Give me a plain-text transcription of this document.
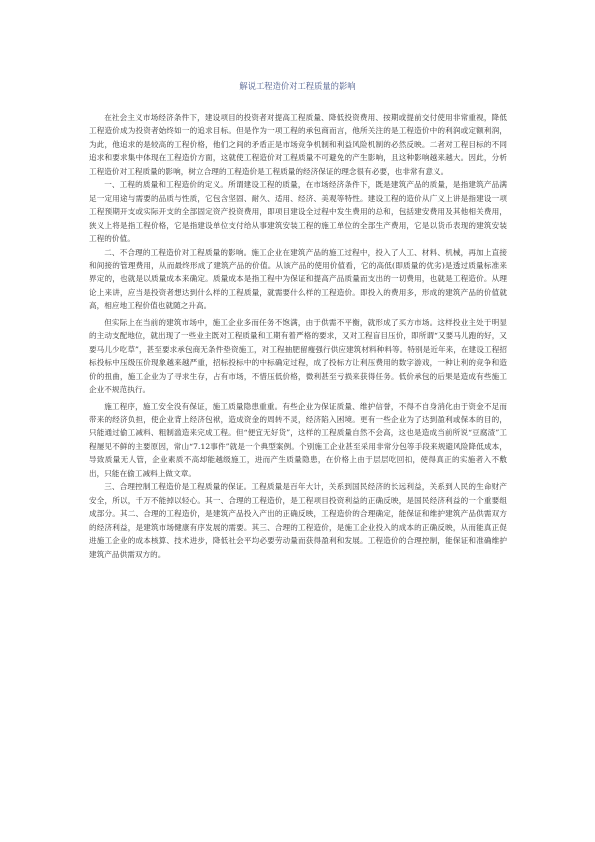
解说工程造价对工程质量的影响

在社会主义市场经济条件下，建设项目的投资者对提高工程质量、降低投资费用、按期或提前交付使用非常重视，降低工程造价成为投资者始终如一的追求目标。但是作为一项工程的承包商而言，他所关注的是工程造价中的利润或定额利润，为此，他追求的是较高的工程价格，他们之间的矛盾正是市场竞争机制和利益风险机制的必然反映。二者对工程目标的不同追求和要求集中体现在工程造价方面，这就使工程造价对工程质量不可避免的产生影响，且这种影响越来越大。因此，分析工程造价对工程质量的影响，树立合理的工程造价是工程质量的经济保证的理念很有必要，也非常有意义。

一、工程的质量和工程造价的定义。所谓建设工程的质量，在市场经济条件下，既是建筑产品的质量，是指建筑产品满足一定用途与需要的品质与性质，它包含坚固、耐久、适用、经济、美观等特性。建设工程的造价从广义上讲是指建设一项工程预期开支或实际开支的全部固定资产投资费用，即项目建设全过程中发生费用的总和，包括建安费用及其他相关费用，狭义上将是指工程价格，它是指建设单位支付给从事建筑安装工程的施工单位的全部生产费用，它是以货币表现的建筑安装工程的价值。

二、不合理的工程造价对工程质量的影响。施工企业在建筑产品的施工过程中，投入了人工、材料、机械，再加上直接和间接的管理费用，从而最终形成了建筑产品的价值。从该产品的使用价值看，它的高低(即质量的优劣)是透过质量标准来界定的，也就是以质量成本来确定。质量成本是指工程中为保证和提高产品质量而支出的一切费用，也就是工程造价。从理论上来讲，应当是投资者想达到什么样的工程质量，就需要什么样的工程造价。即投入的费用多，形成的建筑产品的价值就高，相应地工程价值也就随之升高。

但实际上在当前的建筑市场中，施工企业多而任务不饱满，由于供需不平衡，就形成了买方市场。这样投业主处于明显的主动支配地位，就出现了一些业主既对工程质量和工期有着严格的要求，又对工程盲目压价，即所谓“又要马儿跑的好，又要马儿少吃草”，甚至要求承包商无条件垫资施工，对工程抽肥留瘦强行供应建筑材料种料等。特别是近年来，在建设工程招标投标中压级压价现象越来越严重，招标投标中的中标确定过程，成了投标方让利压费用的数字游戏，一种让利的竞争和造价的扭曲，施工企业为了寻求生存，占有市场，不惜压低价格，微利甚至亏损来获得任务。低价承包的后果是造成有些施工企业不规范执行。

施工程序，施工安全没有保证，施工质量隐患重重。有些企业为保证质量、维护信誉，不得不自身消化由于资金不足而带来的经济负担，使企业背上经济包袱，造成资金的周转不灵，经济陷入困境。更有一些企业为了达到盈利或保本的目的，只能通过偷工减料、粗制滥造来完成工程。但“便宜无好货”，这样的工程质量自然不会高，这也是造成当前所说“豆腐渣”工程屡见不鲜的主要原因，常山“7.12事件”就是一个典型案例。个别施工企业甚至采用非常分包等手段来规避风险降低成本，导致质量无人管，企业素质不高却能越级施工，进而产生质量隐患，在价格上由于层层吃回扣，使得真正的实施者入不敷出，只能在偷工减料上做文章。

三、合理控制工程造价是工程质量的保证。工程质量是百年大计，关系到国民经济的长远利益，关系到人民的生命财产安全，所以，千万不能掉以轻心。其一、合理的工程造价，是工程项目投资利益的正确反映，是国民经济利益的一个重要组成部分。其二、合理的工程造价，是建筑产品投入产出的正确反映，工程造价的合理确定，能保证和维护建筑产品供需双方的经济利益，是建筑市场健康有序发展的需要。其三、合理的工程造价，是施工企业投入的成本的正确反映，从而能真正促进施工企业的成本核算、技术进步，降低社会平均必要劳动量而获得盈利和发展。工程造价的合理控制，能保证和准确维护建筑产品供需双方的。
